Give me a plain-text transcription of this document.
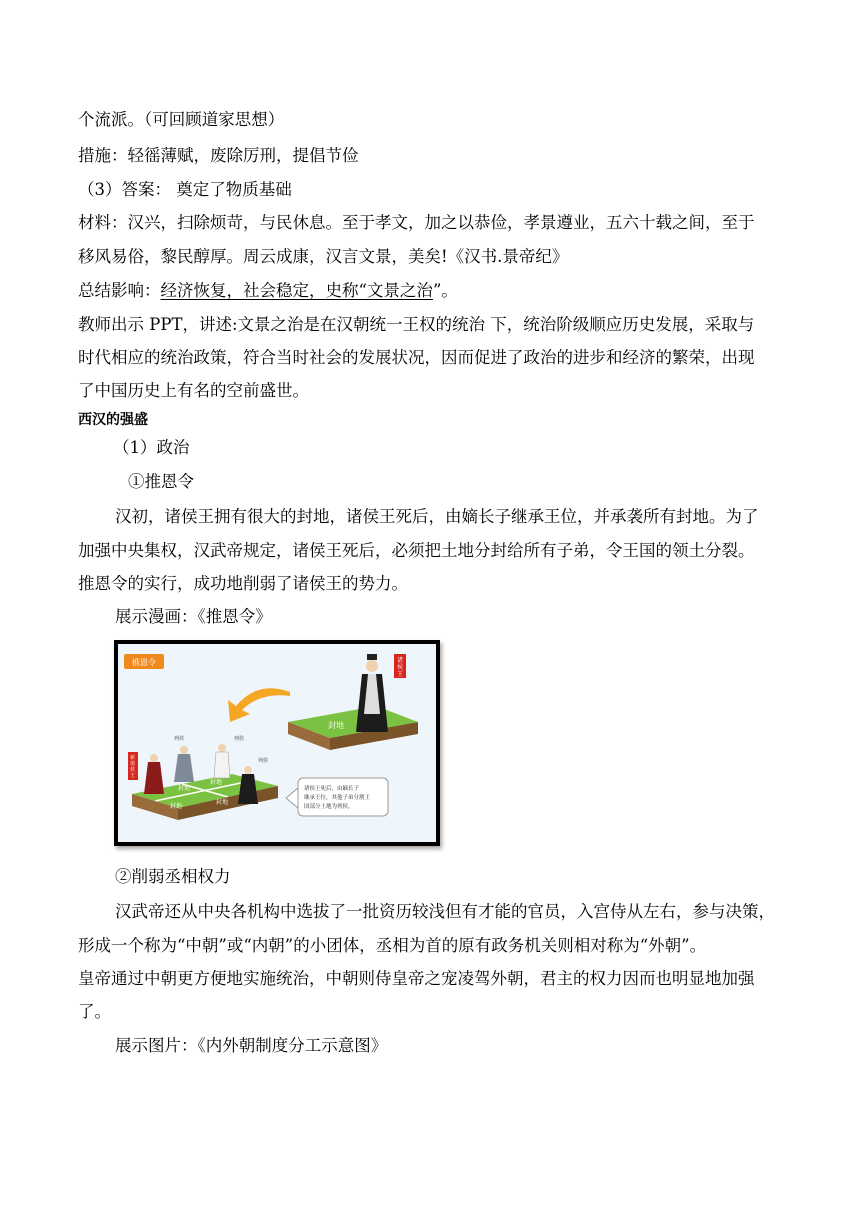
个流派。（可回顾道家思想）
措施：轻徭薄赋，废除厉刑，提倡节俭
（3）答案： 奠定了物质基础
材料：汉兴，扫除烦苛，与民休息。至于孝文，加之以恭俭，孝景遵业，五六十载之间，至于
移风易俗，黎民醇厚。周云成康，汉言文景，美矣!《汉书.景帝纪》
总结影响：经济恢复，社会稳定，史称“文景之治”。
教师出示 PPT，讲述:文景之治是在汉朝统一王权的统治 下，统治阶级顺应历史发展，采取与
时代相应的统治政策，符合当时社会的发展状况，因而促进了政治的进步和经济的繁荣，出现
了中国历史上有名的空前盛世。
西汉的强盛
（1）政治
①推恩令
汉初，诸侯王拥有很大的封地，诸侯王死后，由嫡长子继承王位，并承袭所有封地。为了
加强中央集权，汉武帝规定，诸侯王死后，必须把土地分封给所有子弟，令王国的领土分裂。
推恩令的实行，成功地削弱了诸侯王的势力。
展示漫画：《推恩令》
推恩令
封地
诸侯王
封地
封地
封地
封地
新诸侯王
列侯	列侯
列侯
诸侯王死后，由嫡长子 继承王位，其他子弟分割王 国部分土地为列侯。
②削弱丞相权力
汉武帝还从中央各机构中选拔了一批资历较浅但有才能的官员，入宫侍从左右，参与决策，
形成一个称为“中朝”或“内朝”的小团体，丞相为首的原有政务机关则相对称为“外朝”。
皇帝通过中朝更方便地实施统治，中朝则侍皇帝之宠凌驾外朝，君主的权力因而也明显地加强
了。
展示图片：《内外朝制度分工示意图》
